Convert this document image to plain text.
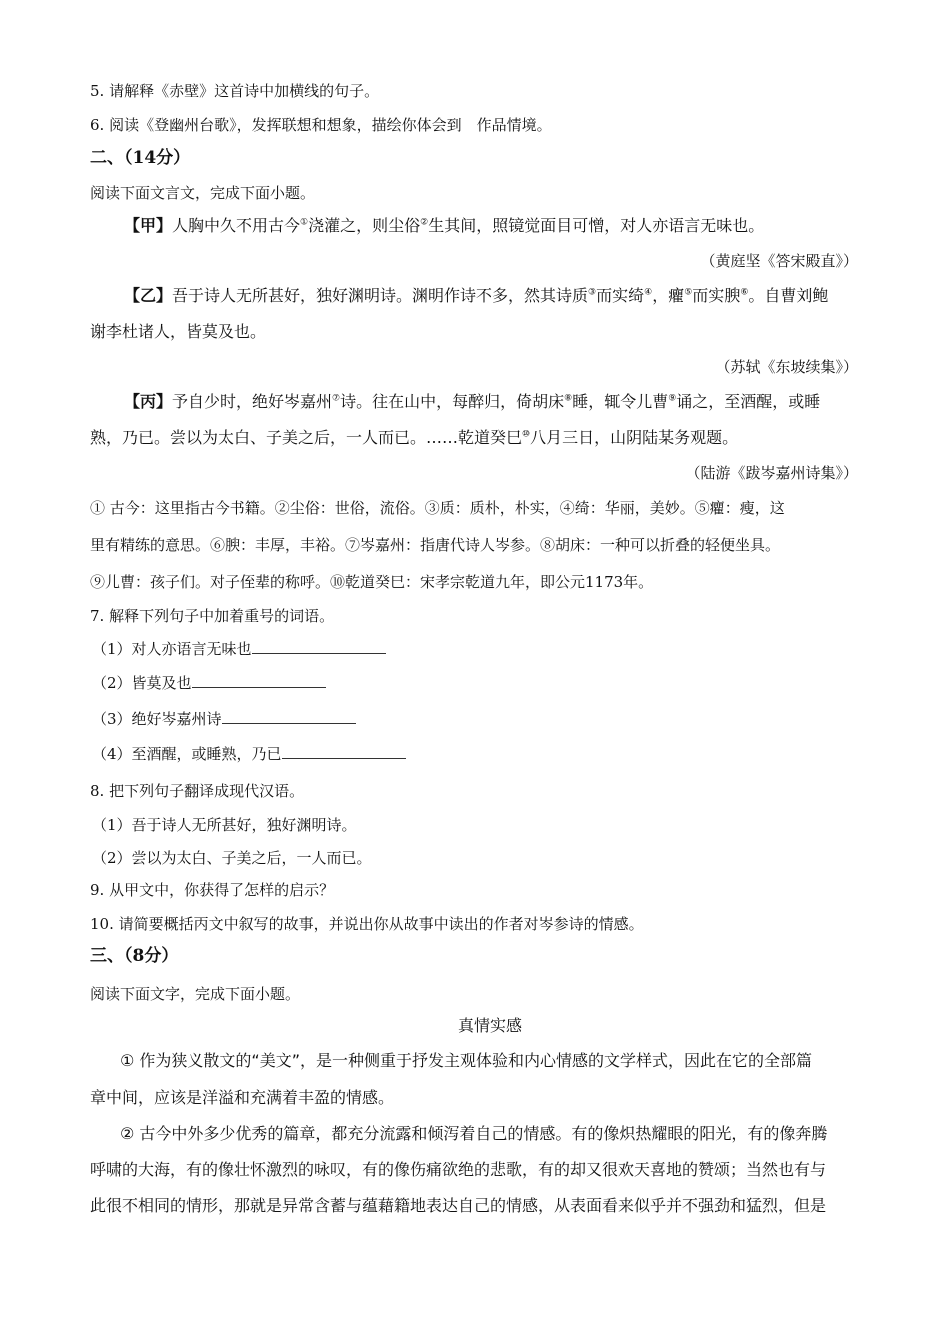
5. 请解释《赤壁》这首诗中加横线的句子。
6. 阅读《登幽州台歌》，发挥联想和想象，描绘你体会到　作品情境。
二、（14分）
阅读下面文言文，完成下面小题。
【甲】人胸中久不用古今①浇灌之，则尘俗②生其间，照镜觉面目可憎，对人亦语言无味也。
（黄庭坚《答宋殿直》）
【乙】吾于诗人无所甚好，独好渊明诗。渊明作诗不多，然其诗质③而实绮④，癯⑤而实腴⑥。自曹刘鲍
谢李杜诸人，皆莫及也。
（苏轼《东坡续集》）
【丙】予自少时，绝好岑嘉州⑦诗。往在山中，每醉归，倚胡床⑧睡，辄令儿曹⑨诵之，至酒醒，或睡
熟，乃已。尝以为太白、子美之后，一人而已。……乾道癸巳⑩八月三日，山阴陆某务观题。
（陆游《跋岑嘉州诗集》）
① 古今：这里指古今书籍。②尘俗：世俗，流俗。③质：质朴，朴实，④绮：华丽，美妙。⑤癯：瘦，这
里有精练的意思。⑥腴：丰厚，丰裕。⑦岑嘉州：指唐代诗人岑参。⑧胡床：一种可以折叠的轻便坐具。
⑨儿曹：孩子们。对子侄辈的称呼。⑩乾道癸巳：宋孝宗乾道九年，即公元1173年。
7. 解释下列句子中加着重号的词语。
（1）对人亦语言无味也
（2）皆莫及也
（3）绝好岑嘉州诗
（4）至酒醒，或睡熟，乃已
8. 把下列句子翻译成现代汉语。
（1）吾于诗人无所甚好，独好渊明诗。
（2）尝以为太白、子美之后，一人而已。
9. 从甲文中，你获得了怎样的启示？
10. 请简要概括丙文中叙写的故事，并说出你从故事中读出的作者对岑参诗的情感。
三、（8分）
阅读下面文字，完成下面小题。
真情实感
① 作为狭义散文的“美文”，是一种侧重于抒发主观体验和内心情感的文学样式，因此在它的全部篇
章中间，应该是洋溢和充满着丰盈的情感。
② 古今中外多少优秀的篇章，都充分流露和倾泻着自己的情感。有的像炽热耀眼的阳光，有的像奔腾
呼啸的大海，有的像壮怀激烈的咏叹，有的像伤痛欲绝的悲歌，有的却又很欢天喜地的赞颂；当然也有与
此很不相同的情形，那就是异常含蓄与蕴藉籍地表达自己的情感，从表面看来似乎并不强劲和猛烈，但是
